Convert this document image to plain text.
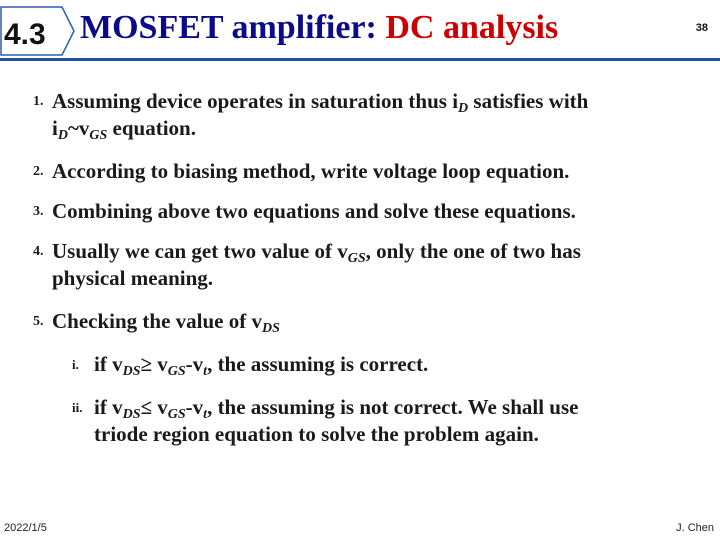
4.3 MOSFET amplifier: DC analysis	38
1. Assuming device operates in saturation thus $i_D$ satisfies with
$i_D\sim v_{GS}$ equation.
2. According to biasing method, write voltage loop equation.
3. Combining above two equations and solve these equations.
4. Usually we can get two value of $v_{GS}$, only the one of two has
physical meaning.
5. Checking the value of $v_{DS}$
i. if $v_{DS}\ge v_{GS}-v_t$, the assuming is correct.
ii. if $v_{DS}\le v_{GS}-v_t$, the assuming is not correct. We shall use
triode region equation to solve the problem again.
2022/1/5	J. Chen
